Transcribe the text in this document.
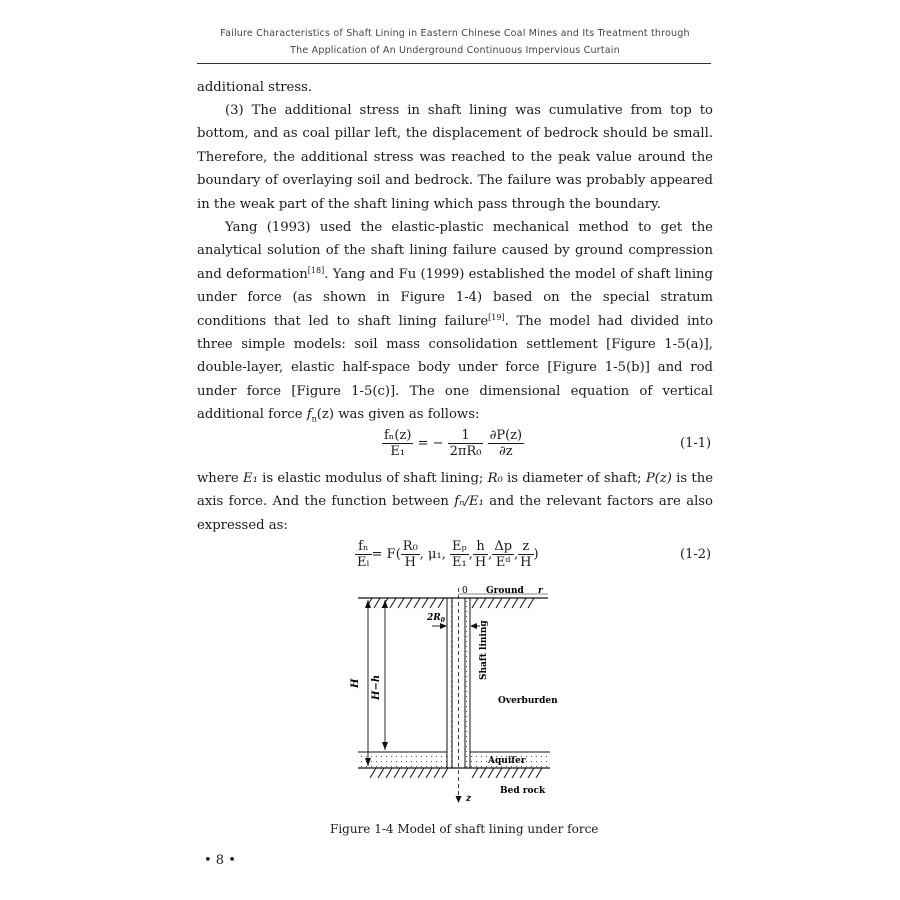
Failure Characteristics of Shaft Lining in Eastern Chinese Coal Mines and Its Treatment through
The Application of An Underground Continuous Impervious Curtain
additional stress.
(3) The additional stress in shaft lining was cumulative from top to bottom, and as coal pillar left, the displacement of bedrock should be small. Therefore, the additional stress was reached to the peak value around the boundary of overlaying soil and bedrock. The failure was probably appeared in the weak part of the shaft lining which pass through the boundary.
Yang (1993) used the elastic-plastic mechanical method to get the analytical solution of the shaft lining failure caused by ground compression and deformation[18]. Yang and Fu (1999) established the model of shaft lining under force (as shown in Figure 1-4) based on the special stratum conditions that led to shaft lining failure[19]. The model had divided into three simple models: soil mass consolidation settlement [Figure 1-5(a)], double-layer, elastic half-space body under force [Figure 1-5(b)] and rod under force [Figure 1-5(c)]. The one dimensional equation of vertical additional force $f_n(z)$ was given as follows:
$\frac{\text{fₙ(z)}}{\text{E₁}}$ = − $\frac{1}{\text{2πR₀}}$
$\frac{\partial P(z)}{\partial z}$	(1-1)
where E₁ is elastic modulus of shaft lining; R₀ is diameter of shaft; P(z) is the axis force. And the function between fₙ/E₁ and the relevant factors are also expressed as:
$\frac{\text{fₙ}}{\text{Eₗ}} = F( \frac{\text{R₀}}{H}$ , μ₁, $\frac{\text{Eₚ}}{\text{E₁}}$ , $\frac{h}{H}$ , $\frac{\Delta p}{\text{Eᵈ}}$ , $\frac{z}{H}$ )	(1-2)
0 Ground r
$2R_0$	Shaft lining
H H−h
Overburden
Aquifer
Bed rock
z
Figure 1-4 Model of shaft lining under force
• 8 •
